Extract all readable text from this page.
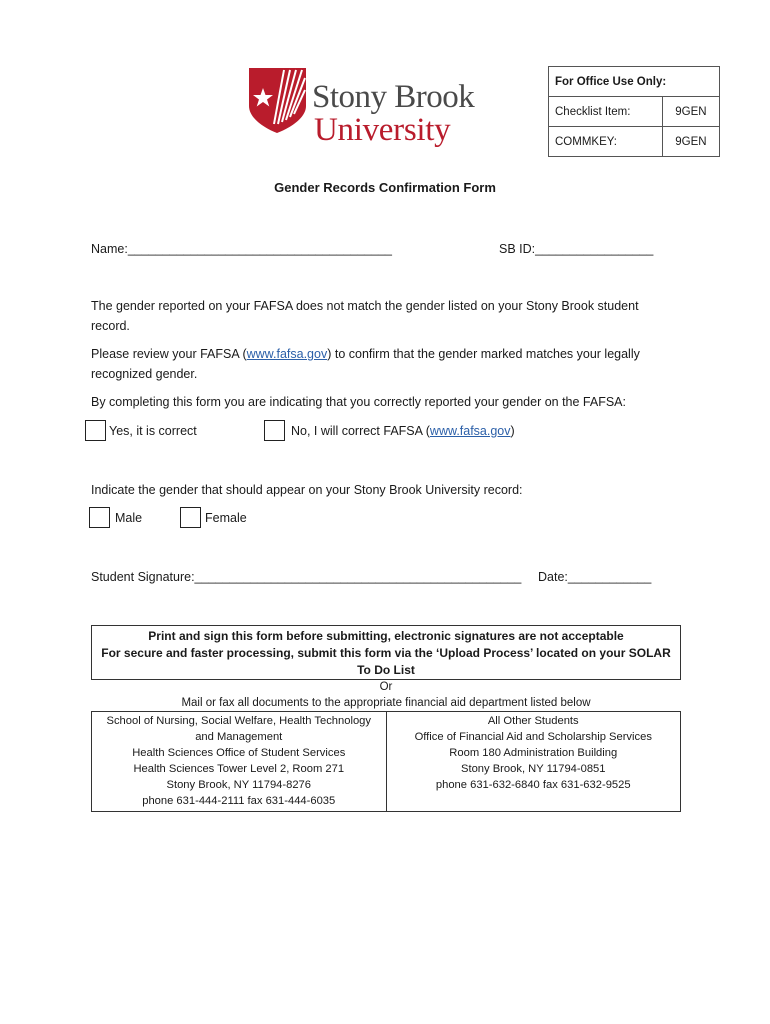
Stony Brook
University
For Office Use Only:	
Checklist Item:	9GEN
COMMKEY:	9GEN
Gender Records Confirmation Form
Name:______________________________________	SB ID:_________________
The gender reported on your FAFSA does not match the gender listed on your Stony Brook student
record.
Please review your FAFSA (www.fafsa.gov) to confirm that the gender marked matches your legally
recognized gender.
By completing this form you are indicating that you correctly reported your gender on the FAFSA:
Yes, it is correct	No, I will correct FAFSA (www.fafsa.gov)
Indicate the gender that should appear on your Stony Brook University record:
Male	Female
Student Signature:_______________________________________________ Date:____________
Print and sign this form before submitting, electronic signatures are not acceptable
For secure and faster processing, submit this form via the ‘Upload Process’ located on your SOLAR
To Do List
Or
Mail or fax all documents to the appropriate financial aid department listed below
School of Nursing, Social Welfare, Health Technology
and Management
Health Sciences Office of Student Services
Health Sciences Tower Level 2, Room 271
Stony Brook, NY 11794-8276
phone 631-444-2111 fax 631-444-6035

All Other Students
Office of Financial Aid and Scholarship Services
Room 180 Administration Building
Stony Brook, NY 11794-0851
phone 631-632-6840 fax 631-632-9525
